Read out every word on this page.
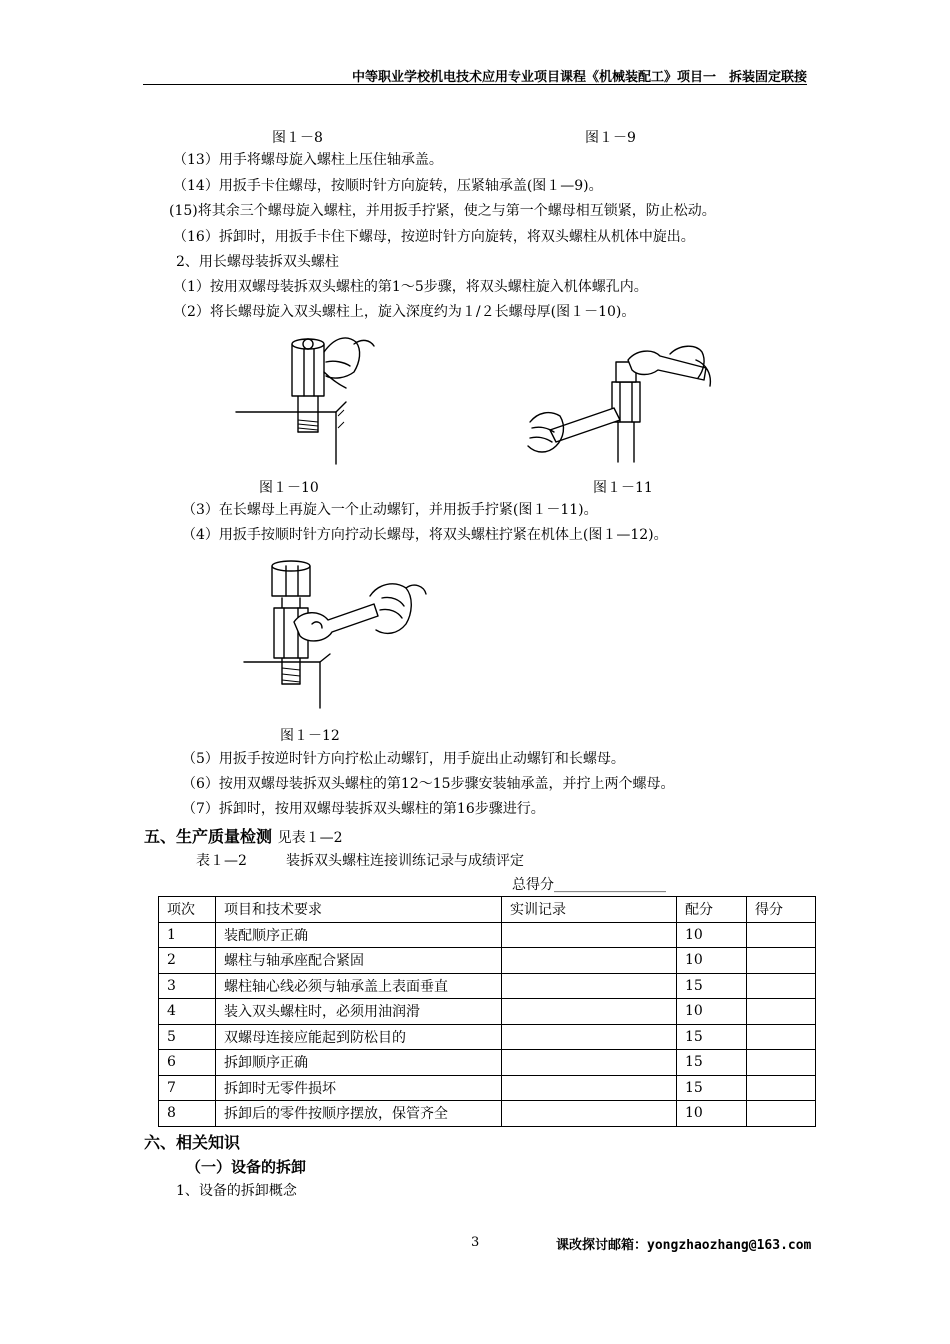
中等职业学校机电技术应用专业项目课程《机械装配工》项目一　拆装固定联接
图１－8	图１－9
（13）用手将螺母旋入螺柱上压住轴承盖。
（14）用扳手卡住螺母，按顺时针方向旋转，压紧轴承盖(图１—9)。
(15)将其余三个螺母旋入螺柱，并用扳手拧紧，使之与第一个螺母相互锁紧，防止松动。
（16）拆卸时，用扳手卡住下螺母，按逆时针方向旋转，将双头螺柱从机体中旋出。
2、用长螺母装拆双头螺柱
（1）按用双螺母装拆双头螺柱的第1～5步骤，将双头螺柱旋入机体螺孔内。
（2）将长螺母旋入双头螺柱上，旋入深度约为１/２长螺母厚(图１－10)。
图１－10	图１－11
（3）在长螺母上再旋入一个止动螺钉，并用扳手拧紧(图１－11)。
（4）用扳手按顺时针方向拧动长螺母，将双头螺柱拧紧在机体上(图１—12)。
图１－12
（5）用扳手按逆时针方向拧松止动螺钉，用手旋出止动螺钉和长螺母。
（6）按用双螺母装拆双头螺柱的第12～15步骤安装轴承盖，并拧上两个螺母。
（7）拆卸时，按用双螺母装拆双头螺柱的第16步骤进行。
五、生产质量检测 见表１—2
表１—2	装拆双头螺柱连接训练记录与成绩评定
总得分________________
项次	项目和技术要求	实训记录	配分	得分
1	装配顺序正确		10	
2	螺柱与轴承座配合紧固		10	
3	螺柱轴心线必须与轴承盖上表面垂直		15	
4	装入双头螺柱时，必须用油润滑		10	
5	双螺母连接应能起到防松目的		15	
6	拆卸顺序正确		15	
7	拆卸时无零件损坏		15	
8	拆卸后的零件按顺序摆放，保管齐全		10	
六、相关知识
（一）设备的拆卸
1、设备的拆卸概念
3	课改探讨邮箱：yongzhaozhang@163.com
